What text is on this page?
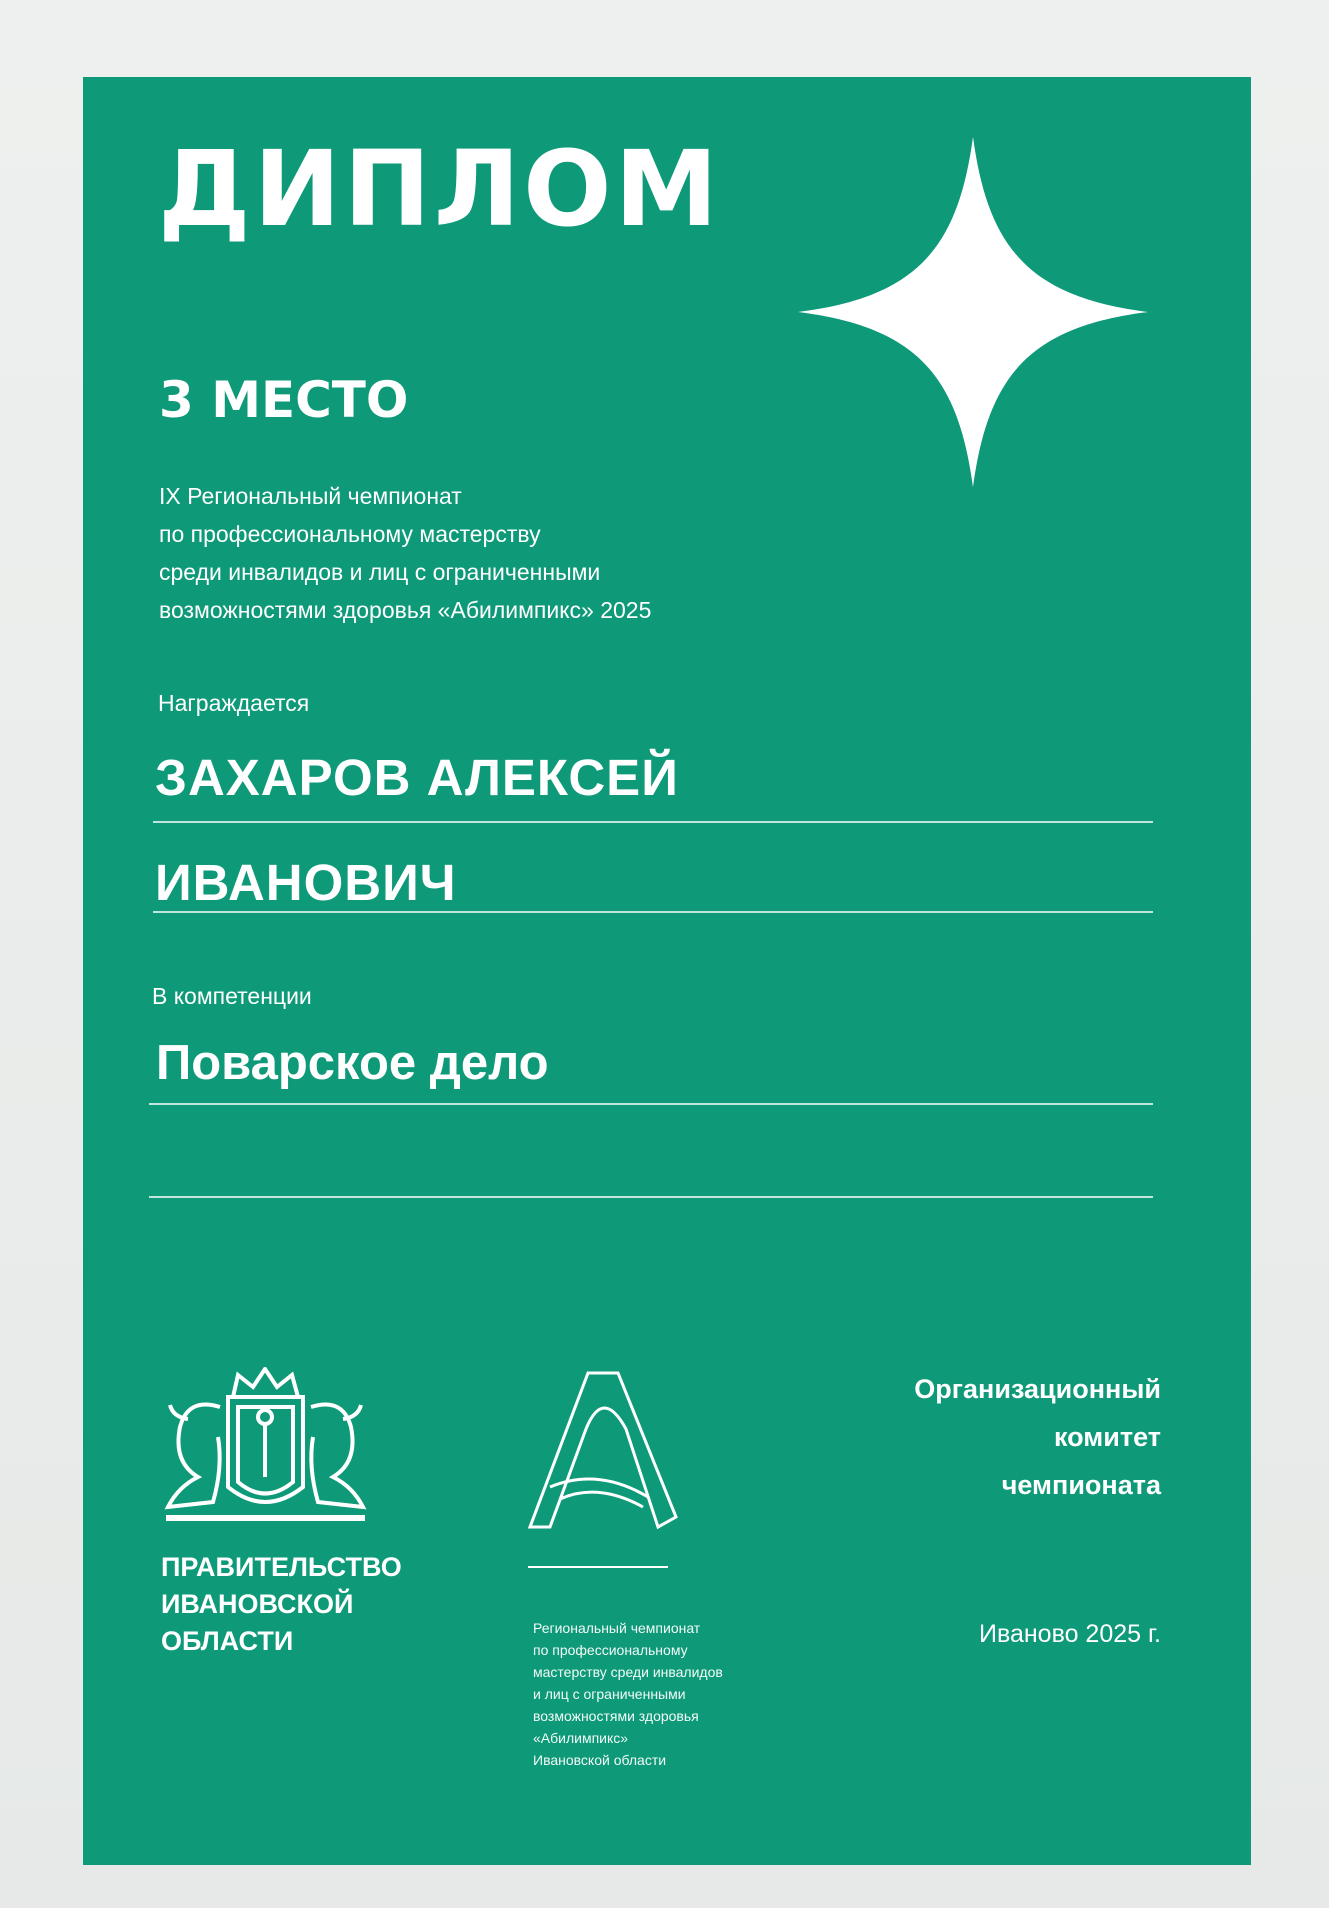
ДИПЛОМ
3 МЕСТО
IX Региональный чемпионат
по профессиональному мастерству
среди инвалидов и лиц с ограниченными
возможностями здоровья «Абилимпикс» 2025
Награждается
ЗАХАРОВ АЛЕКСЕЙ
ИВАНОВИЧ
В компетенции
Поварское дело
ПРАВИТЕЛЬСТВО
ИВАНОВСКОЙ
ОБЛАСТИ	Региональный чемпионат
по профессиональному
мастерству среди инвалидов
и лиц с ограниченными
возможностями здоровья
«Абилимпикс»
Ивановской области
Организационный
комитет
чемпионата
Иваново 2025 г.
